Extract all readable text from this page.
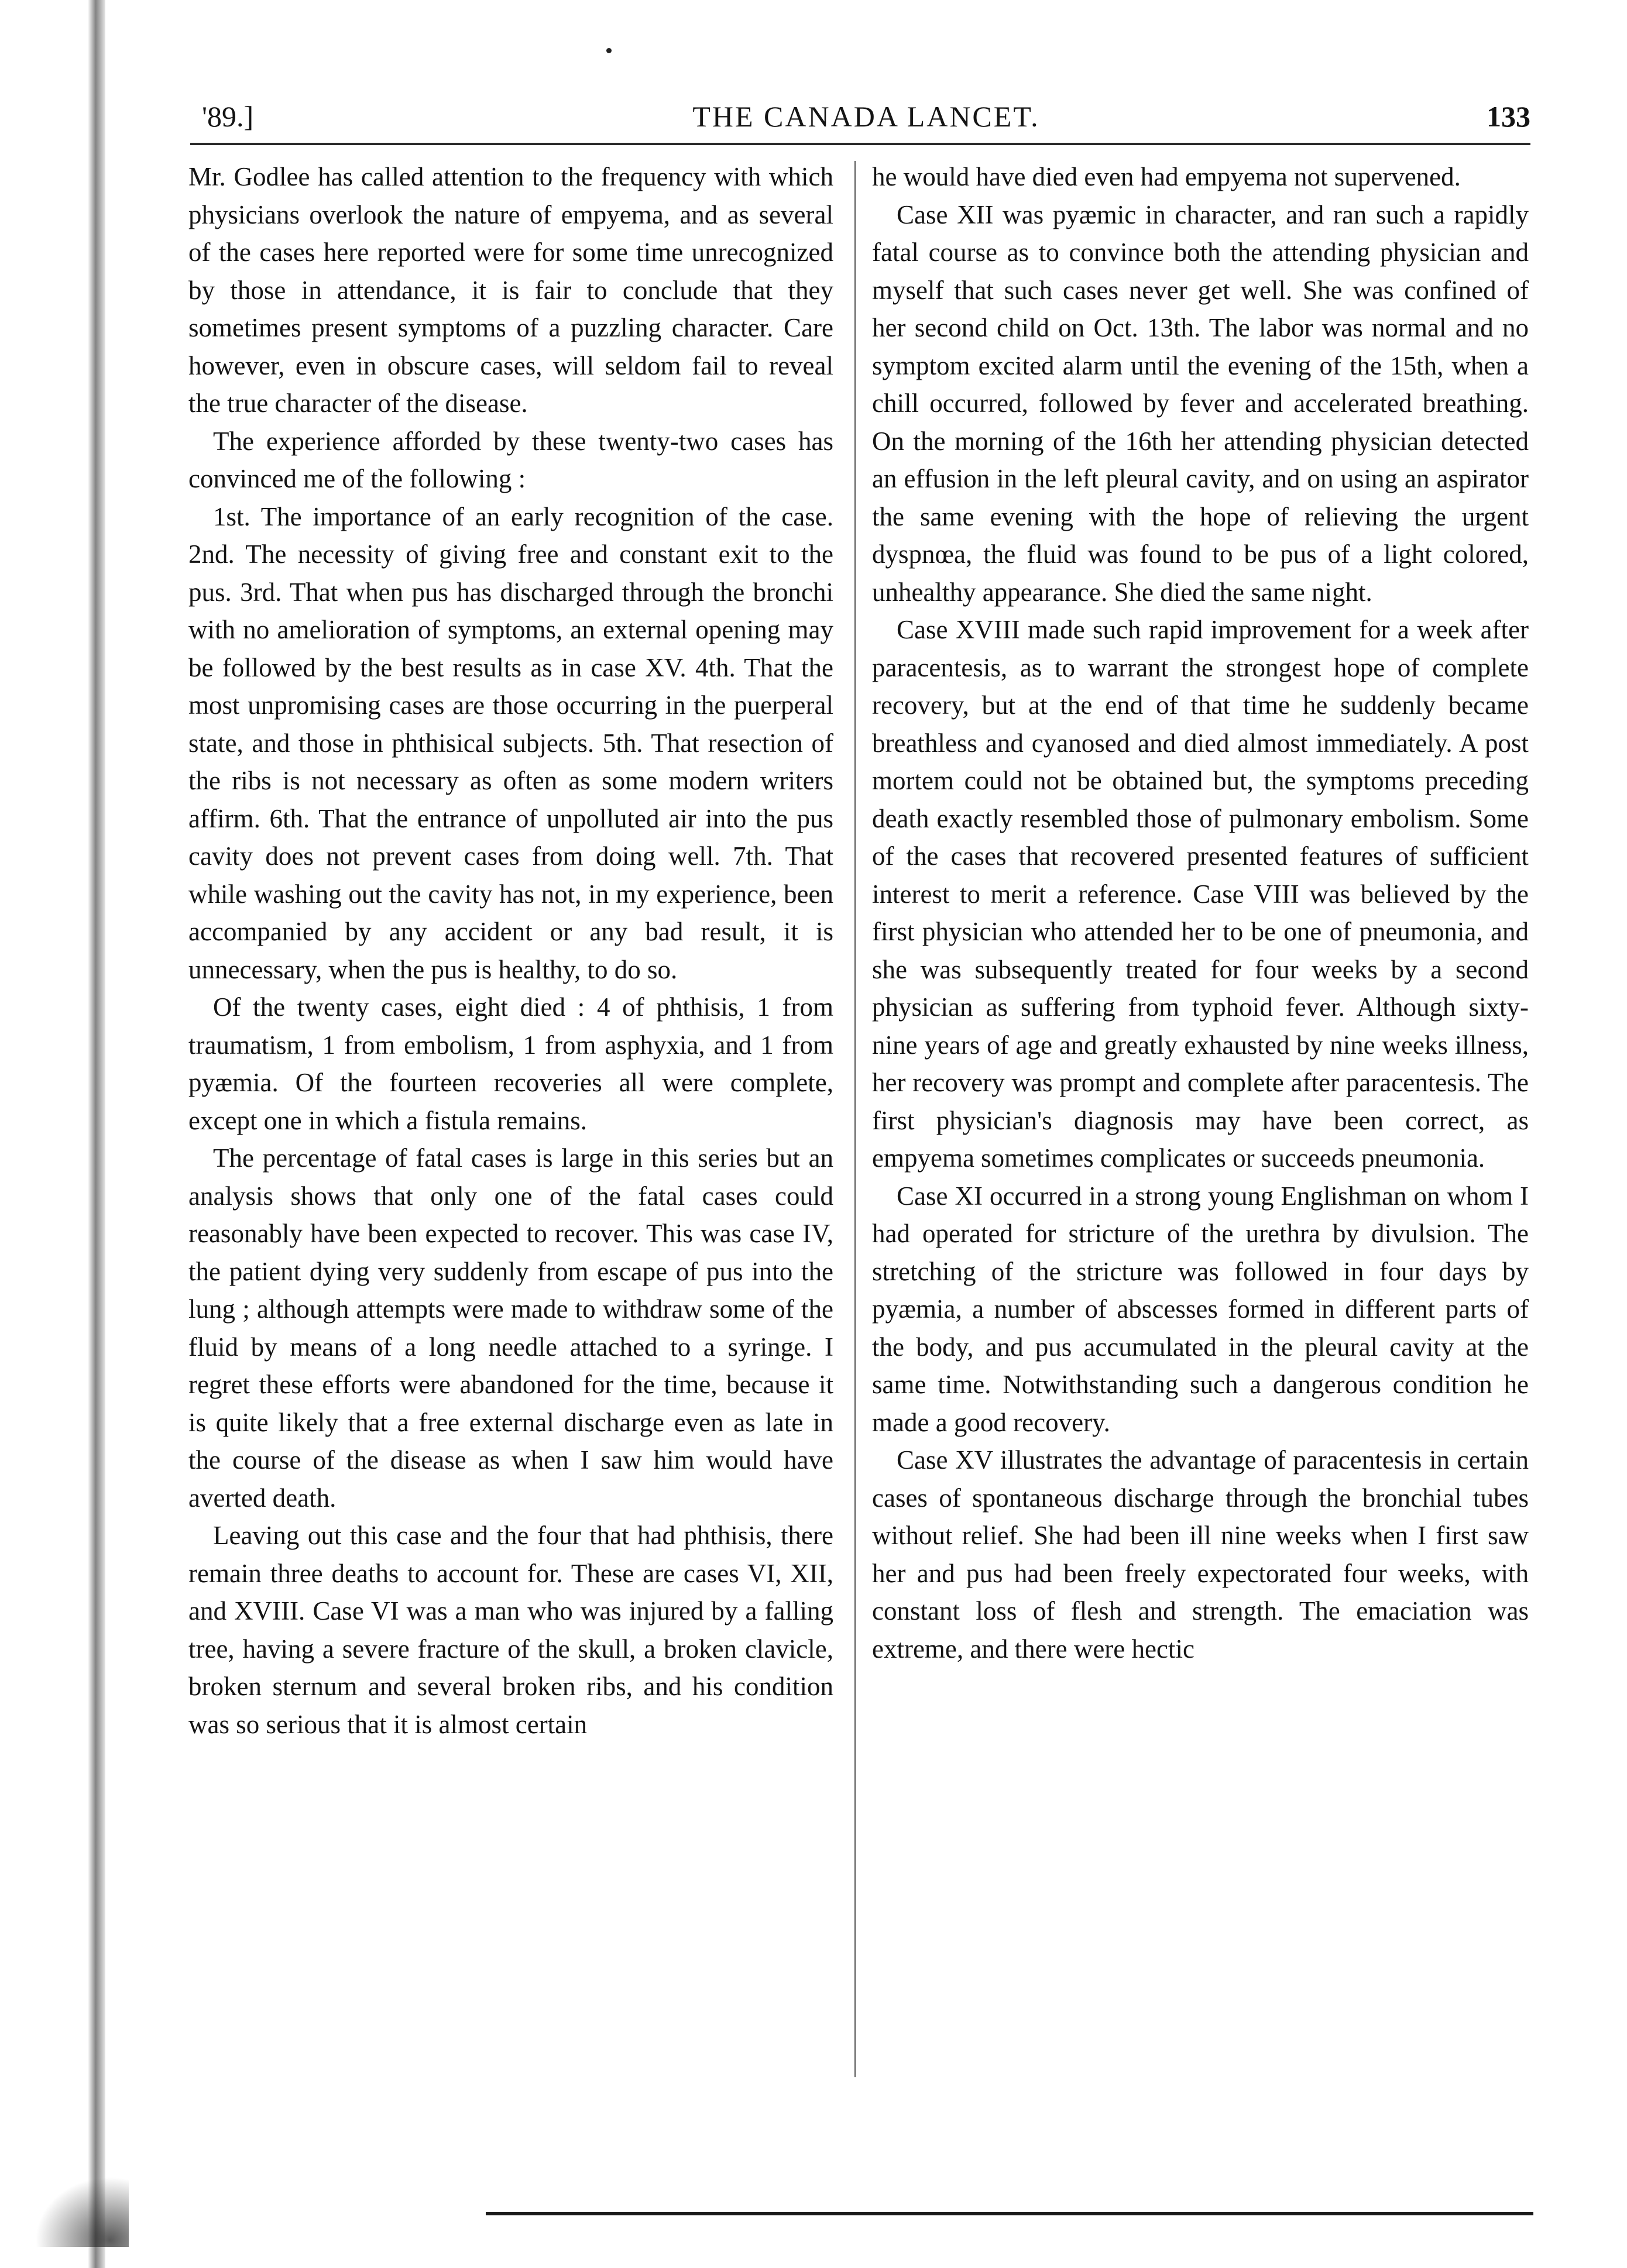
'89.]	THE CANADA LANCET.	133

Mr. Godlee has called attention to the frequency with which physicians overlook the nature of empyema, and as several of the cases here reported were for some time unrecognized by those in attendance, it is fair to conclude that they sometimes present symptoms of a puzzling character. Care however, even in obscure cases, will seldom fail to reveal the true character of the disease.

The experience afforded by these twenty-two cases has convinced me of the following :

1st. The importance of an early recognition of the case. 2nd. The necessity of giving free and constant exit to the pus. 3rd. That when pus has discharged through the bronchi with no amelioration of symptoms, an external opening may be followed by the best results as in case XV. 4th. That the most unpromising cases are those occurring in the puerperal state, and those in phthisical subjects. 5th. That resection of the ribs is not necessary as often as some modern writers affirm. 6th. That the entrance of unpolluted air into the pus cavity does not prevent cases from doing well. 7th. That while washing out the cavity has not, in my experience, been accompanied by any accident or any bad result, it is unnecessary, when the pus is healthy, to do so.

Of the twenty cases, eight died : 4 of phthisis, 1 from traumatism, 1 from embolism, 1 from asphyxia, and 1 from pyæmia. Of the fourteen recoveries all were complete, except one in which a fistula remains.

The percentage of fatal cases is large in this series but an analysis shows that only one of the fatal cases could reasonably have been expected to recover. This was case IV, the patient dying very suddenly from escape of pus into the lung ; although attempts were made to withdraw some of the fluid by means of a long needle attached to a syringe. I regret these efforts were abandoned for the time, because it is quite likely that a free external discharge even as late in the course of the disease as when I saw him would have averted death.

Leaving out this case and the four that had phthisis, there remain three deaths to account for. These are cases VI, XII, and XVIII. Case VI was a man who was injured by a falling tree, having a severe fracture of the skull, a broken clavicle, broken sternum and several broken ribs, and his condition was so serious that it is almost certain

he would have died even had empyema not supervened.

Case XII was pyæmic in character, and ran such a rapidly fatal course as to convince both the attending physician and myself that such cases never get well. She was confined of her second child on Oct. 13th. The labor was normal and no symptom excited alarm until the evening of the 15th, when a chill occurred, followed by fever and accelerated breathing. On the morning of the 16th her attending physician detected an effusion in the left pleural cavity, and on using an aspirator the same evening with the hope of relieving the urgent dyspnœa, the fluid was found to be pus of a light colored, unhealthy appearance. She died the same night.

Case XVIII made such rapid improvement for a week after paracentesis, as to warrant the strongest hope of complete recovery, but at the end of that time he suddenly became breathless and cyanosed and died almost immediately. A post mortem could not be obtained but, the symptoms preceding death exactly resembled those of pulmonary embolism. Some of the cases that recovered presented features of sufficient interest to merit a reference. Case VIII was believed by the first physician who attended her to be one of pneumonia, and she was subsequently treated for four weeks by a second physician as suffering from typhoid fever. Although sixty-nine years of age and greatly exhausted by nine weeks illness, her recovery was prompt and complete after paracentesis. The first physician's diagnosis may have been correct, as empyema sometimes complicates or succeeds pneumonia.

Case XI occurred in a strong young Englishman on whom I had operated for stricture of the urethra by divulsion. The stretching of the stricture was followed in four days by pyæmia, a number of abscesses formed in different parts of the body, and pus accumulated in the pleural cavity at the same time. Notwithstanding such a dangerous condition he made a good recovery.

Case XV illustrates the advantage of paracentesis in certain cases of spontaneous discharge through the bronchial tubes without relief. She had been ill nine weeks when I first saw her and pus had been freely expectorated four weeks, with constant loss of flesh and strength. The emaciation was extreme, and there were hectic
